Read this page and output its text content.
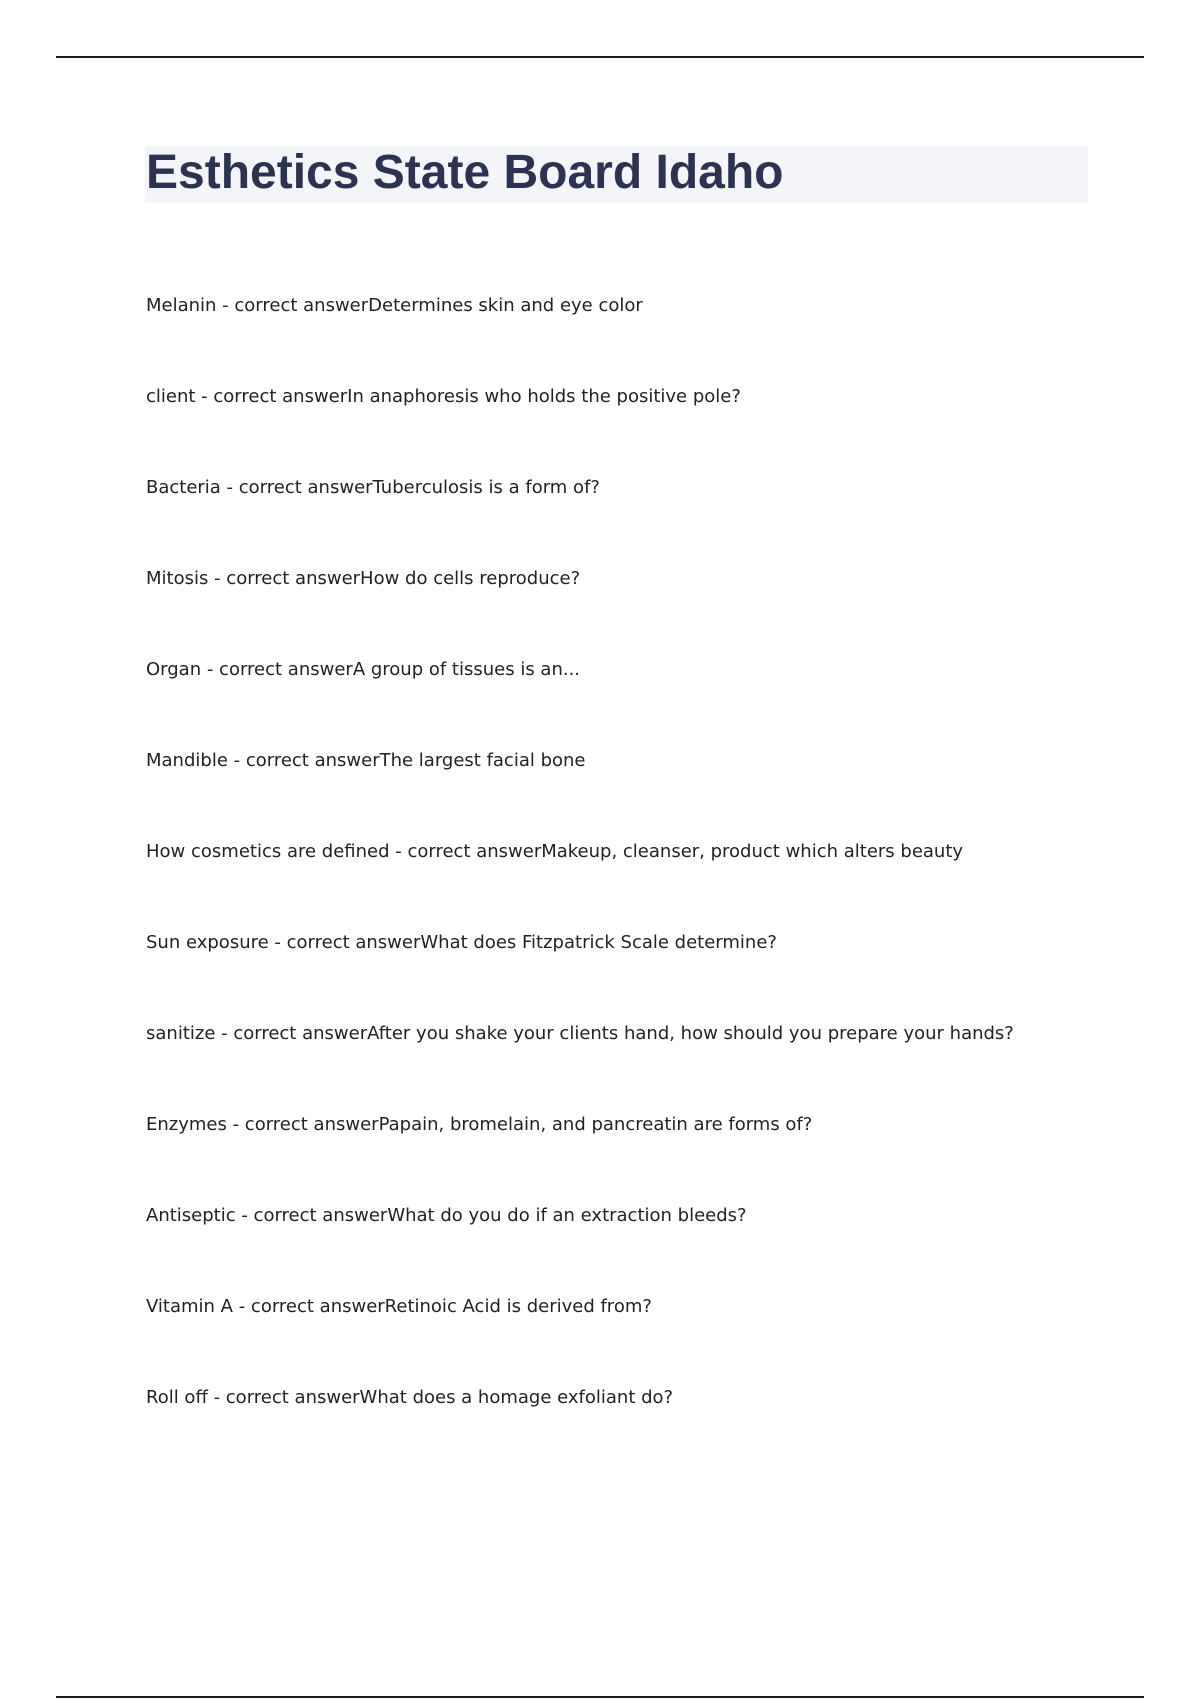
Esthetics State Board Idaho
Melanin - correct answerDetermines skin and eye color
client - correct answerIn anaphoresis who holds the positive pole?
Bacteria - correct answerTuberculosis is a form of?
Mitosis - correct answerHow do cells reproduce?
Organ - correct answerA group of tissues is an...
Mandible - correct answerThe largest facial bone
How cosmetics are defined - correct answerMakeup, cleanser, product which alters beauty
Sun exposure - correct answerWhat does Fitzpatrick Scale determine?
sanitize - correct answerAfter you shake your clients hand, how should you prepare your hands?
Enzymes - correct answerPapain, bromelain, and pancreatin are forms of?
Antiseptic - correct answerWhat do you do if an extraction bleeds?
Vitamin A - correct answerRetinoic Acid is derived from?
Roll off - correct answerWhat does a homage exfoliant do?
